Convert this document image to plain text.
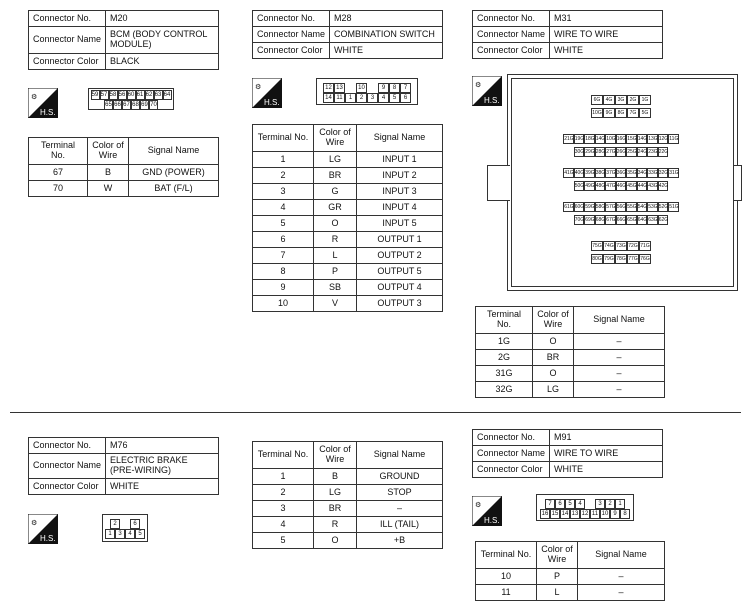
Connector No.	M20
Connector Name	BCM (BODY CONTROL MODULE)
Connector Color	BLACK
⚙
H.S.
59 57 58 56 60 61 62 63 64
65 66 67 68 69 70
Terminal No.	Color of Wire	Signal Name
67	B	GND (POWER)
70	W	BAT (F/L)
Connector No.	M28
Connector Name	COMBINATION SWITCH
Connector Color	WHITE
⚙
H.S.
12 13	10	9	8	7
14 11	1	2	3	4	5	6
Terminal No.	Color of Wire	Signal Name
1	LG	INPUT 1
2	BR	INPUT 2
3	G	INPUT 3
4	GR	INPUT 4
5	O	INPUT 5
6	R	OUTPUT 1
7	L	OUTPUT 2
8	P	OUTPUT 5
9	SB	OUTPUT 4
10	V	OUTPUT 3
Connector No.	M31
Connector Name	WIRE TO WIRE
Connector Color	WHITE
⚙
H.S.	6G	4G	3G	2G	1G
10G 9G	8G	7G	5G
21G 19G 18G 14G 10G 16G 15G 14G 13G 12G 11G
30G 29G 28G 27G 26G 25G 24G 23G 22G
41G 40G 39G 38G 37G 36G 35G 34G 33G 32G 31G
50G 49G 48G 47G 46G 45G 44G 43G 42G
61G 60G 59G 58G 57G 56G 55G 54G 53G 52G 51G
70G 69G 68G 67G 66G 65G 64G 63G 62G
75G 74G 73G 72G 71G
80G 79G 78G 77G 76G
Terminal No.	Color of Wire	Signal Name
1G	O	–
2G	BR	–
31G	O	–
32G	LG	–
Connector No.	M76
Connector Name	ELECTRIC BRAKE (PRE-WIRING)
Connector Color	WHITE
⚙
H.S.
2	6
1	3	4	5
Terminal No.	Color of Wire	Signal Name
1	B	GROUND
2	LG	STOP
3	BR	–
4	R	ILL (TAIL)
5	O	+B
Connector No.	M91
Connector Name	WIRE TO WIRE
Connector Color	WHITE
⚙
H.S.
7	6	5	4	3	2	1
16 15 14 13 12 11 10 9	8
Terminal No.	Color of Wire	Signal Name
10	P	–
11	L	–
